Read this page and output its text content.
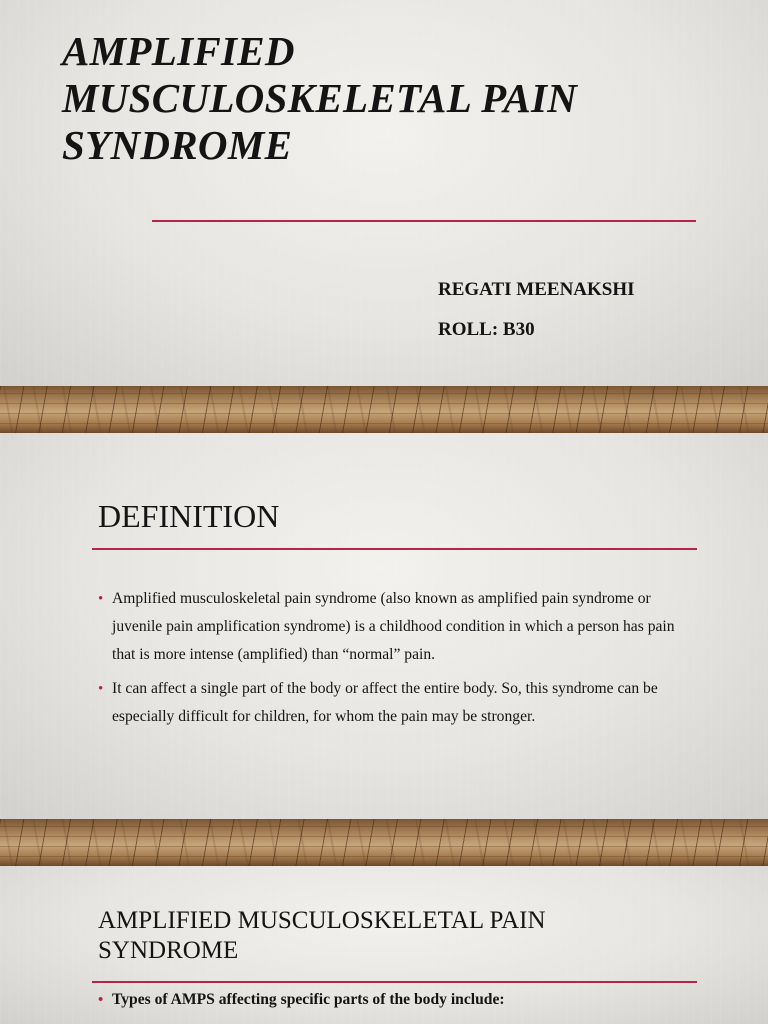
AMPLIFIED
MUSCULOSKELETAL PAIN
SYNDROME
REGATI MEENAKSHI
ROLL: B30
DEFINITION
• Amplified musculoskeletal pain syndrome (also known as amplified pain syndrome or juvenile pain amplification syndrome) is a childhood condition in which a person has pain that is more intense (amplified) than “normal” pain.
• It can affect a single part of the body or affect the entire body. So, this syndrome can be especially difficult for children, for whom the pain may be stronger.
AMPLIFIED MUSCULOSKELETAL PAIN
SYNDROME
• Types of AMPS affecting specific parts of the body include:
